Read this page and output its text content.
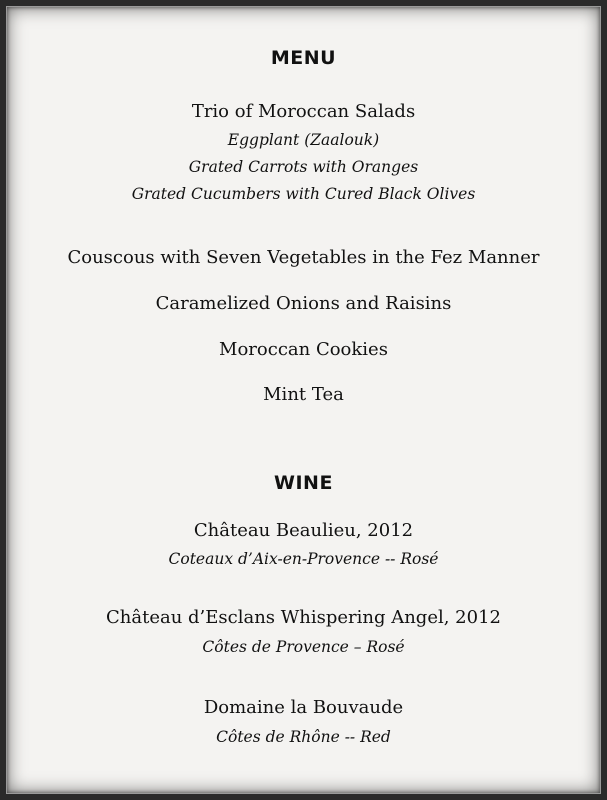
MENU
Trio of Moroccan Salads
Eggplant (Zaalouk)
Grated Carrots with Oranges
Grated Cucumbers with Cured Black Olives
Couscous with Seven Vegetables in the Fez Manner
Caramelized Onions and Raisins
Moroccan Cookies
Mint Tea
WINE
Château Beaulieu, 2012
Coteaux d’Aix-en-Provence -- Rosé
Château d’Esclans Whispering Angel, 2012
Côtes de Provence – Rosé
Domaine la Bouvaude
Côtes de Rhône -- Red
